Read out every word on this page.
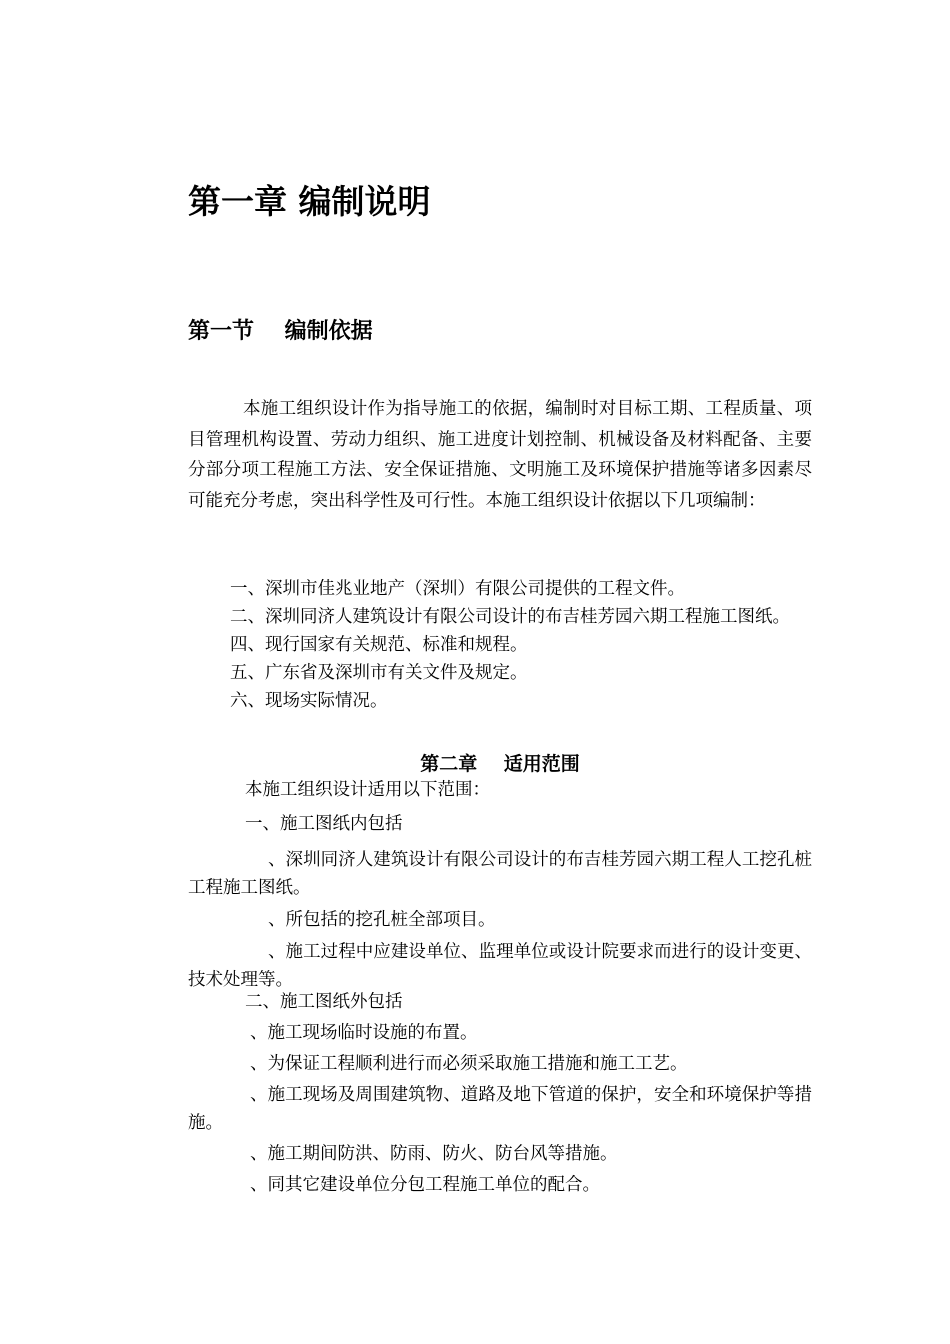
第一章 编制说明
第一节    编制依据

本施工组织设计作为指导施工的依据，编制时对目标工期、工程质量、项目管理机构设置、劳动力组织、施工进度计划控制、机械设备及材料配备、主要分部分项工程施工方法、安全保证措施、文明施工及环境保护措施等诸多因素尽可能充分考虑，突出科学性及可行性。本施工组织设计依据以下几项编制：

一、深圳市佳兆业地产（深圳）有限公司提供的工程文件。

二、深圳同济人建筑设计有限公司设计的布吉桂芳园六期工程施工图纸。

四、现行国家有关规范、标准和规程。

五、广东省及深圳市有关文件及规定。

六、现场实际情况。

第二章    适用范围

本施工组织设计适用以下范围：

一、施工图纸内包括

、深圳同济人建筑设计有限公司设计的布吉桂芳园六期工程人工挖孔桩工程施工图纸。

、所包括的挖孔桩全部项目。

、施工过程中应建设单位、监理单位或设计院要求而进行的设计变更、技术处理等。

二、施工图纸外包括

、施工现场临时设施的布置。

、为保证工程顺利进行而必须采取施工措施和施工工艺。

、施工现场及周围建筑物、道路及地下管道的保护，安全和环境保护等措施。

、施工期间防洪、防雨、防火、防台风等措施。

、同其它建设单位分包工程施工单位的配合。
